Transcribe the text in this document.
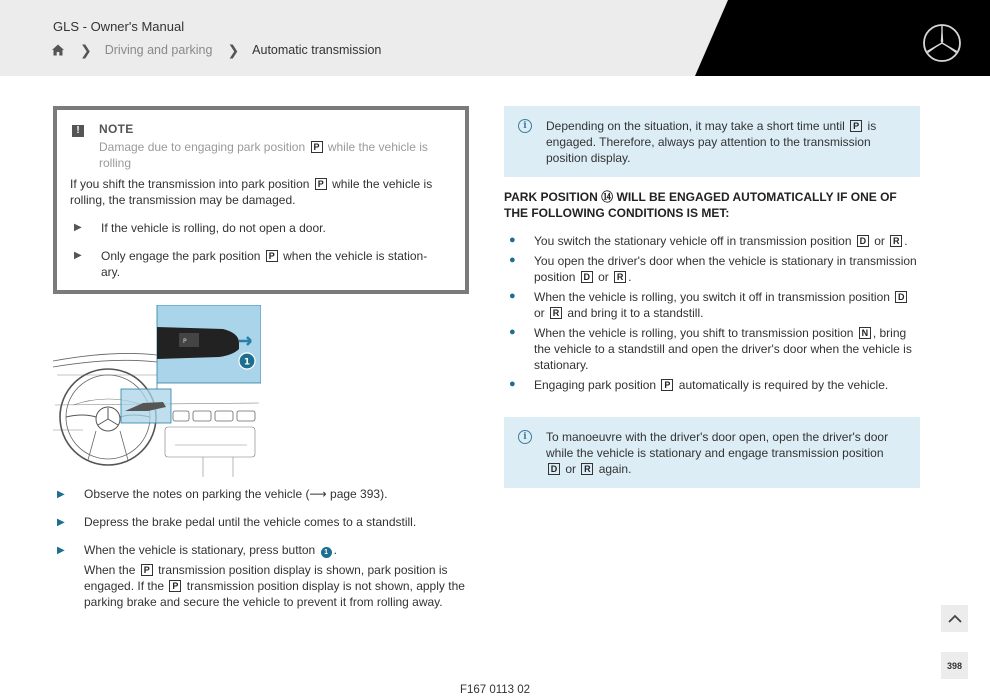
GLS - Owner's Manual
❯ Driving and parking ❯ Automatic transmission
!	NOTE
Damage due to engaging park position P while the vehicle is rolling
If you shift the transmission into park position P while the vehicle is rolling, the transmission may be damaged.
▶ If the vehicle is rolling, do not open a door.
▶ Only engage the park position P when the vehicle is station-ary.
P
1
▶ Observe the notes on parking the vehicle (⟶ page 393).
▶ Depress the brake pedal until the vehicle comes to a standstill.
▶ When the vehicle is stationary, press button 1 .
When the P transmission position display is shown, park position is engaged. If the P transmission position display is not shown, apply the parking brake and secure the vehicle to prevent it from rolling away.
i	Depending on the situation, it may take a short time until P is engaged. Therefore, always pay attention to the transmission position display.
PARK POSITION ⑭ WILL BE ENGAGED AUTOMATICALLY IF ONE OF THE FOLLOWING CONDITIONS IS MET:
● You switch the stationary vehicle off in transmission position D or R .
● You open the driver's door when the vehicle is stationary in transmission position D or R .
● When the vehicle is rolling, you switch it off in transmission position D or R and bring it to a standstill.
● When the vehicle is rolling, you shift to transmission position N , bring the vehicle to a standstill and open the driver's door when the vehicle is stationary.
● Engaging park position P automatically is required by the vehicle.
i	To manoeuvre with the driver's door open, open the driver's door while the vehicle is stationary and engage transmission position D or R again.
398
F167 0113 02
